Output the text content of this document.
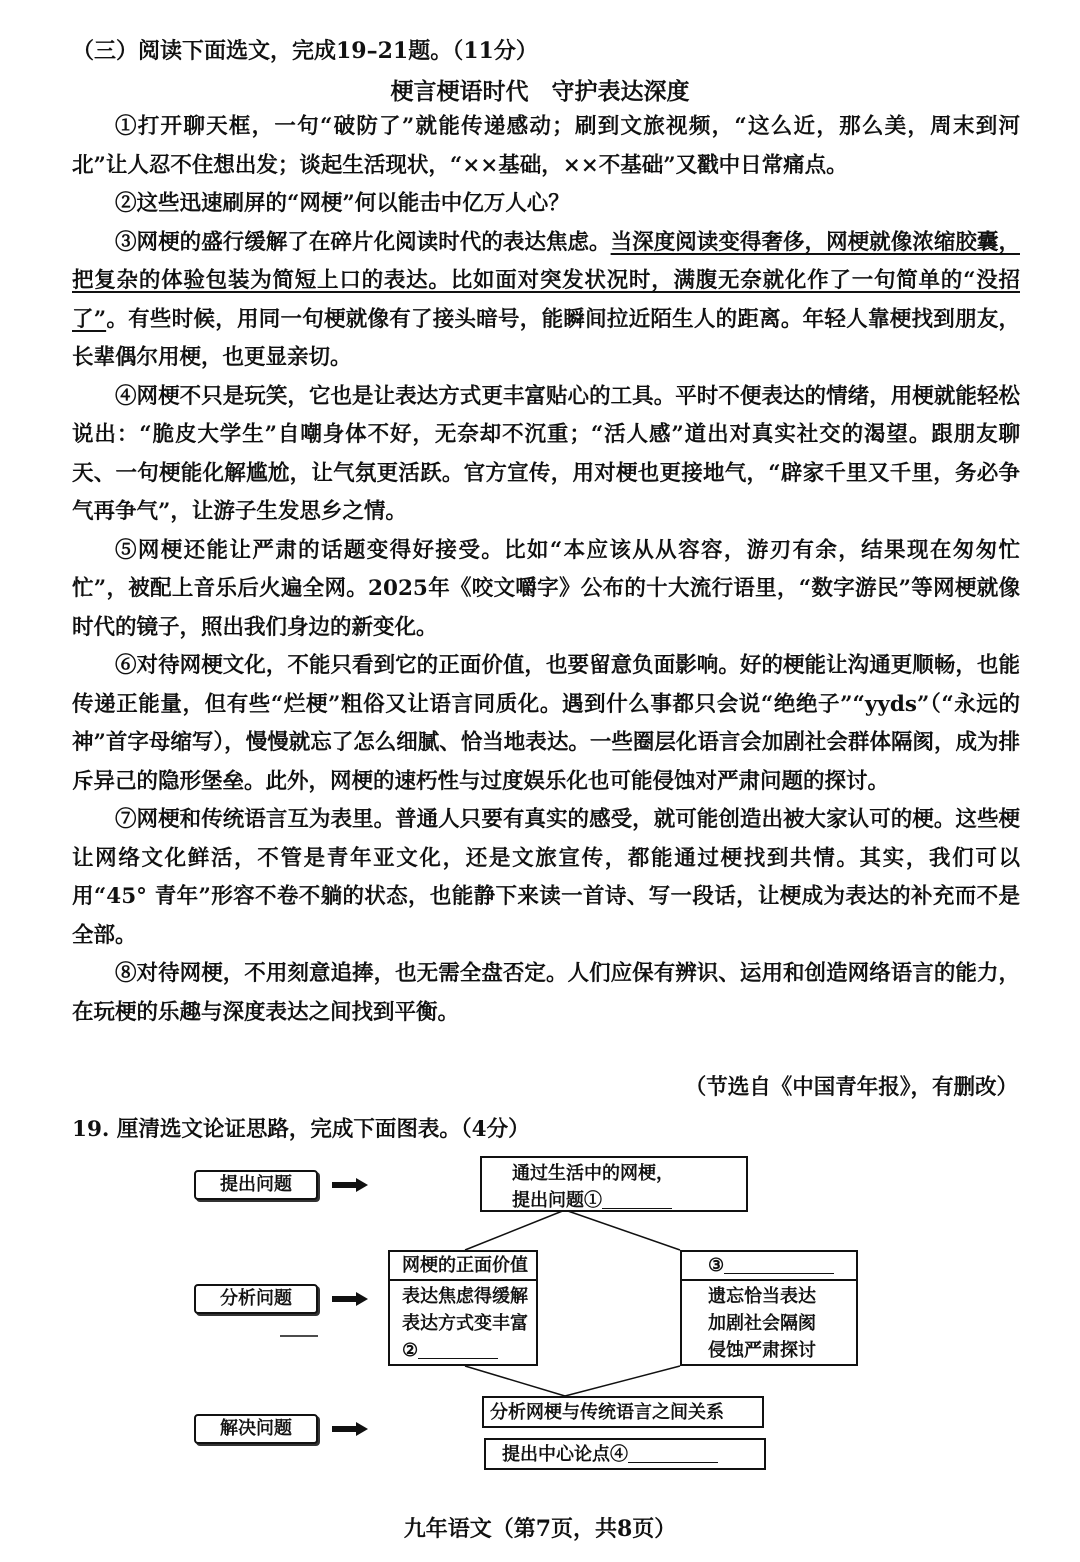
（三）阅读下面选文，完成19–21题。（11分）
梗言梗语时代　守护表达深度

①打开聊天框，一句“破防了”就能传递感动；刷到文旅视频，“这么近，那么美，周末到河北”让人忍不住想出发；谈起生活现状，“××基础，××不基础”又戳中日常痛点。

②这些迅速刷屏的“网梗”何以能击中亿万人心？

③网梗的盛行缓解了在碎片化阅读时代的表达焦虑。当深度阅读变得奢侈，网梗就像浓缩胶囊，把复杂的体验包装为简短上口的表达。比如面对突发状况时，满腹无奈就化作了一句简单的“没招了”。有些时候，用同一句梗就像有了接头暗号，能瞬间拉近陌生人的距离。年轻人靠梗找到朋友，长辈偶尔用梗，也更显亲切。

④网梗不只是玩笑，它也是让表达方式更丰富贴心的工具。平时不便表达的情绪，用梗就能轻松说出：“脆皮大学生”自嘲身体不好，无奈却不沉重；“活人感”道出对真实社交的渴望。跟朋友聊天、一句梗能化解尴尬，让气氛更活跃。官方宣传，用对梗也更接地气，“辟家千里又千里，务必争气再争气”，让游子生发思乡之情。

⑤网梗还能让严肃的话题变得好接受。比如“本应该从从容容，游刃有余，结果现在匆匆忙忙”，被配上音乐后火遍全网。2025年《咬文嚼字》公布的十大流行语里，“数字游民”等网梗就像时代的镜子，照出我们身边的新变化。

⑥对待网梗文化，不能只看到它的正面价值，也要留意负面影响。好的梗能让沟通更顺畅，也能传递正能量，但有些“烂梗”粗俗又让语言同质化。遇到什么事都只会说“绝绝子”“yyds”（“永远的神”首字母缩写），慢慢就忘了怎么细腻、恰当地表达。一些圈层化语言会加剧社会群体隔阂，成为排斥异己的隐形堡垒。此外，网梗的速朽性与过度娱乐化也可能侵蚀对严肃问题的探讨。

⑦网梗和传统语言互为表里。普通人只要有真实的感受，就可能创造出被大家认可的梗。这些梗让网络文化鲜活，不管是青年亚文化，还是文旅宣传，都能通过梗找到共情。其实，我们可以用“45° 青年”形容不卷不躺的状态，也能静下来读一首诗、写一段话，让梗成为表达的补充而不是全部。

⑧对待网梗，不用刻意追捧，也无需全盘否定。人们应保有辨识、运用和创造网络语言的能力，在玩梗的乐趣与深度表达之间找到平衡。

（节选自《中国青年报》，有删改）
19. 厘清选文论证思路，完成下面图表。（4分）
提出问题
分析问题
解决问题
通过生活中的网梗，
提出问题①
网梗的正面价值
表达焦虑得缓解
表达方式变丰富
②
③
遗忘恰当表达
加剧社会隔阂
侵蚀严肃探讨
分析网梗与传统语言之间关系
提出中心论点④
九年语文（第7页，共8页）
